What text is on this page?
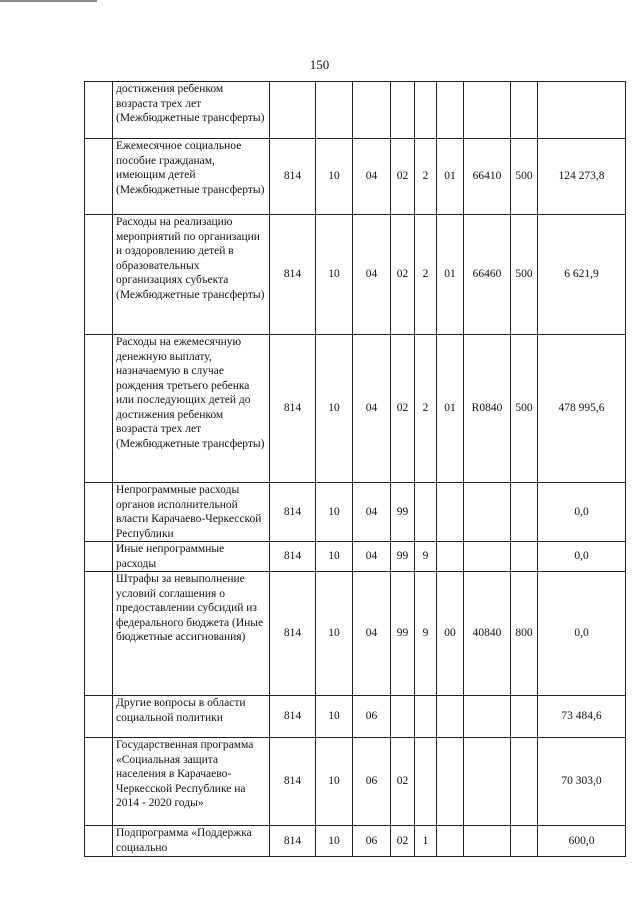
150
	достижения ребенком возраста трех лет (Межбюджетные трансферты)									
	Ежемесячное социальное пособие гражданам, имеющим детей (Межбюджетные трансферты)	814	10	04	02	2	01	66410	500	124 273,8
	Расходы на реализацию мероприятий по организации и оздоровлению детей в образовательных организациях субъекта (Межбюджетные трансферты)	814	10	04	02	2	01	66460	500	6 621,9
	Расходы на ежемесячную денежную выплату, назначаемую в случае рождения третьего ребенка или последующих детей до достижения ребенком возраста трех лет (Межбюджетные трансферты)	814	10	04	02	2	01	R0840	500	478 995,6
	Непрограммные расходы органов исполнительной власти Карачаево-Черкесской Республики	814	10	04	99					0,0
	Иные непрограммные расходы	814	10	04	99	9				0,0
	Штрафы за невыполнение условий соглашения о предоставлении субсидий из федерального бюджета (Иные бюджетные ассигнования)	814	10	04	99	9	00	40840	800	0,0
	Другие вопросы в области социальной политики	814	10	06						73 484,6
	Государственная программа «Социальная защита населения в Карачаево-Черкесской Республике на 2014 - 2020 годы»	814	10	06	02					70 303,0
	Подпрограмма «Поддержка социально	814	10	06	02	1				600,0
